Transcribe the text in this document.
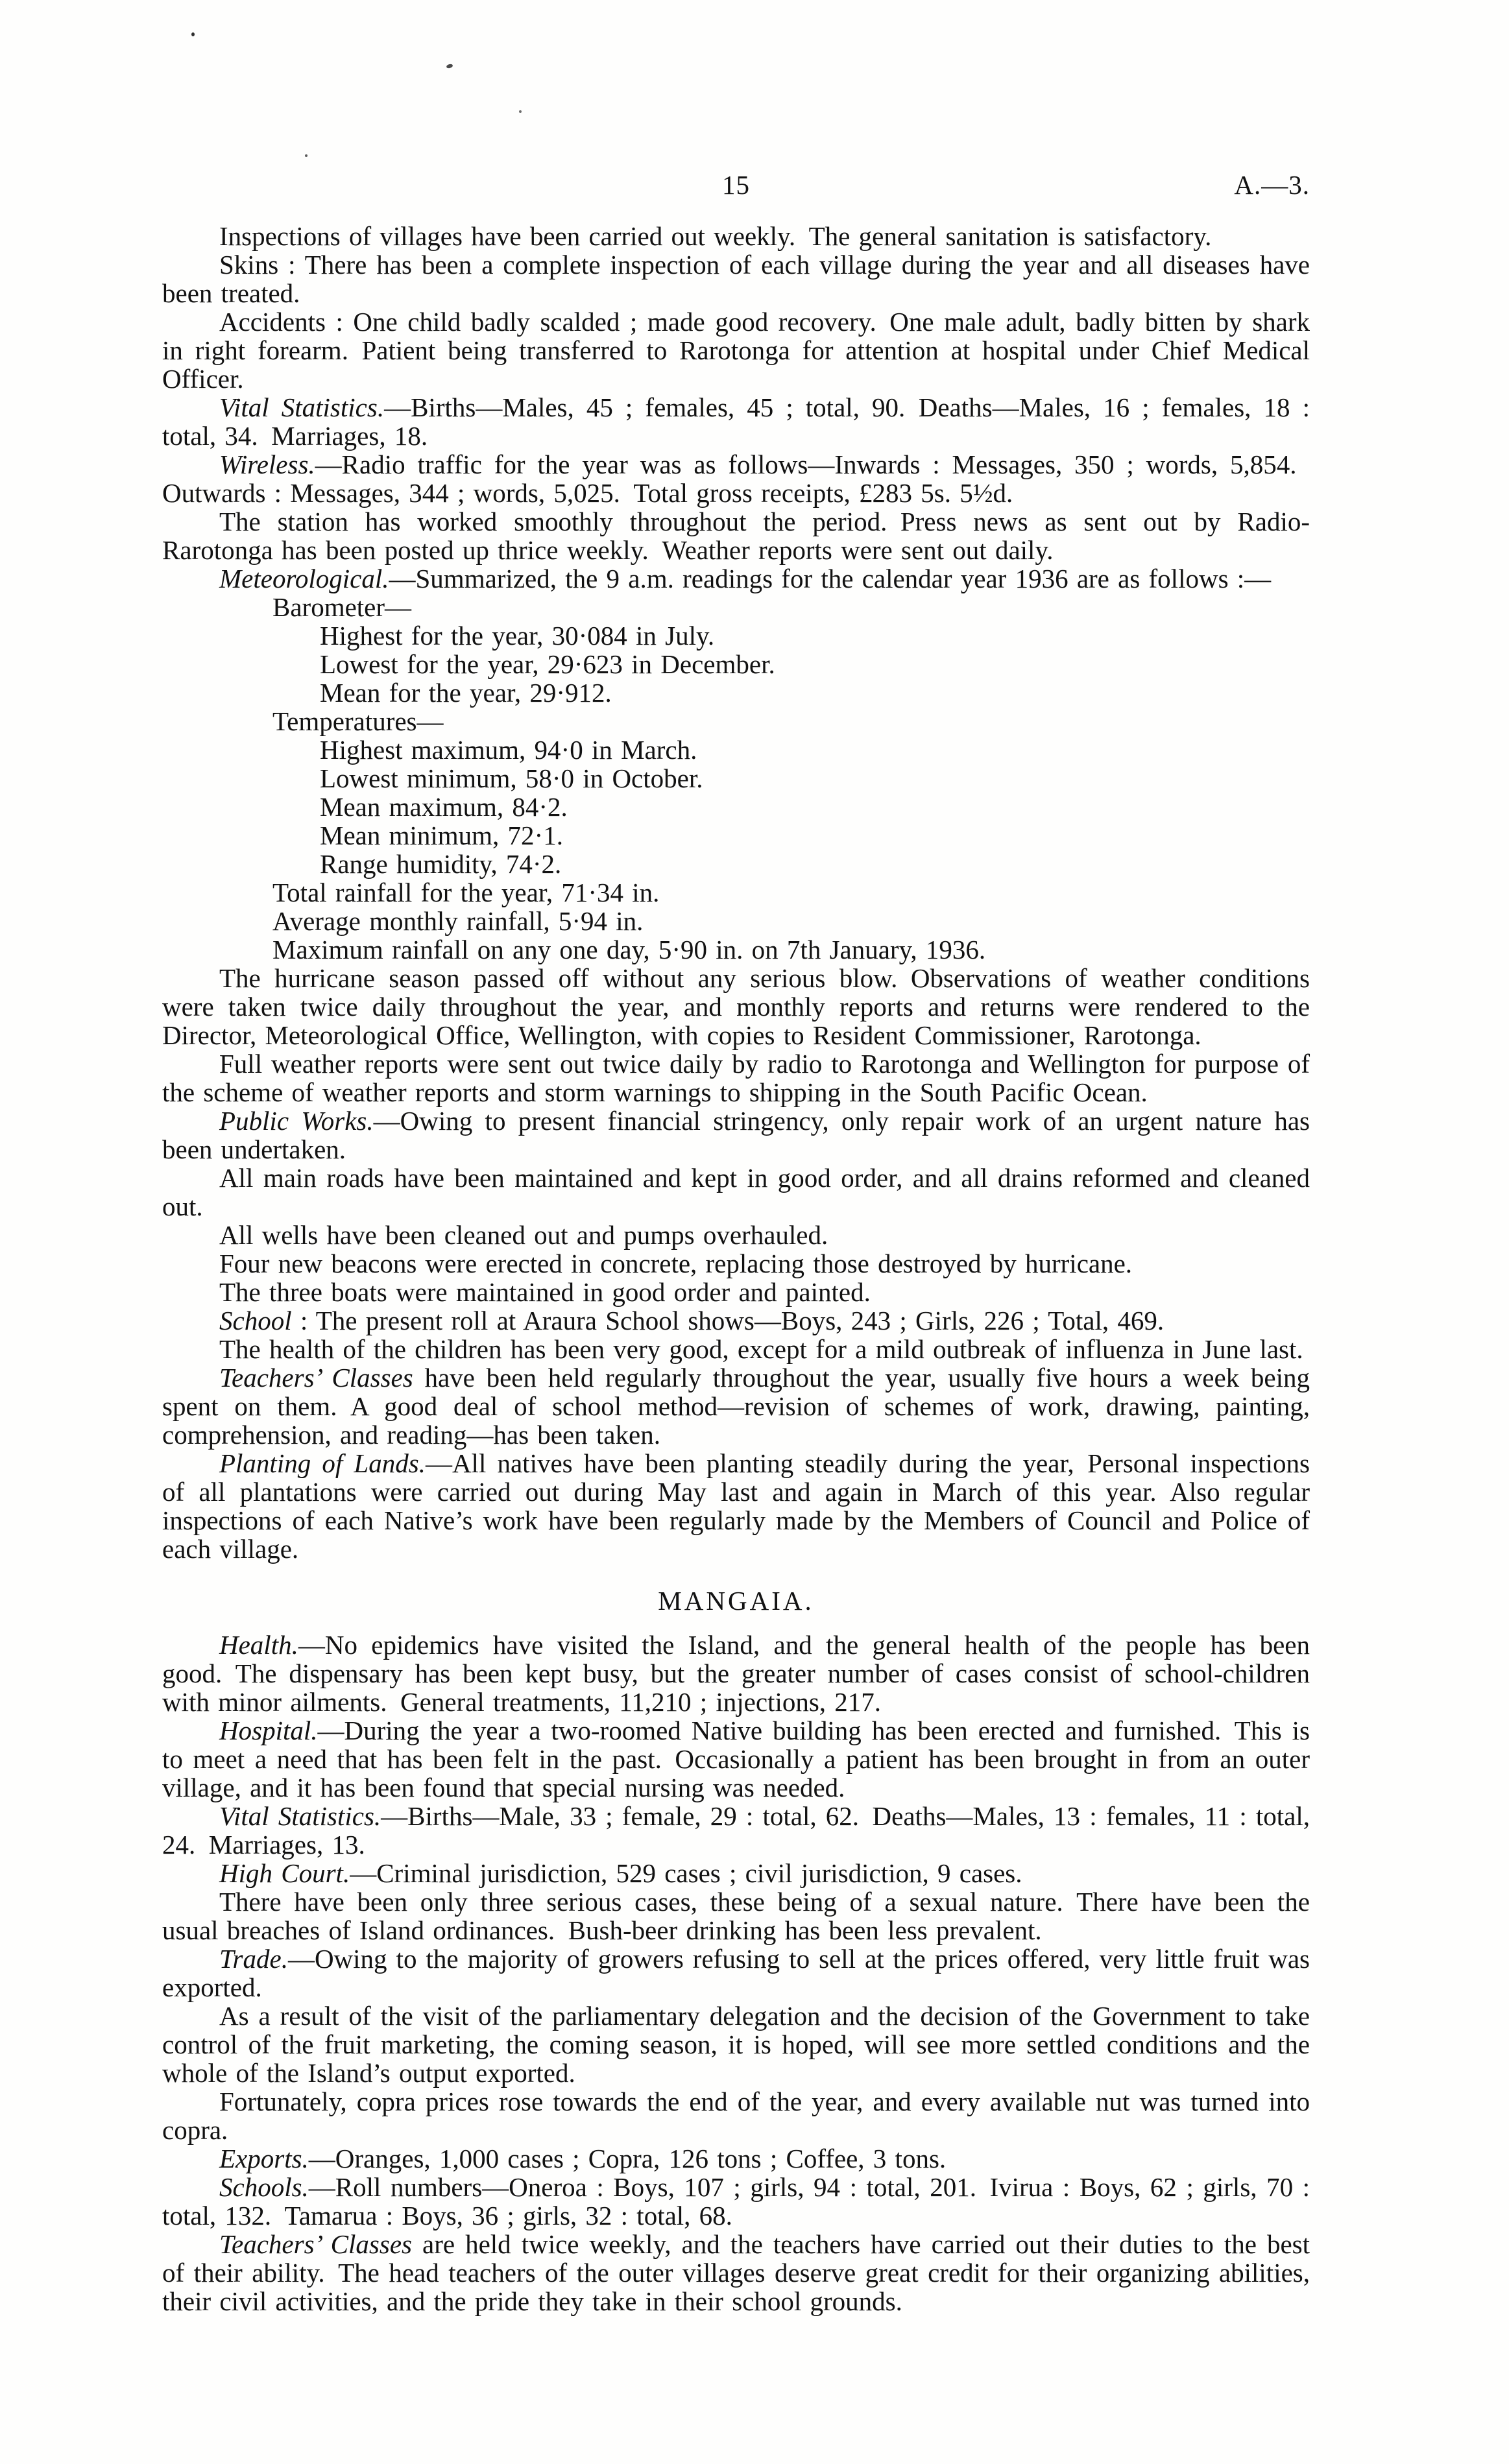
15	A.—3.

Inspections of villages have been carried out weekly. The general sanitation is satisfactory.

Skins : There has been a complete inspection of each village during the year and all diseases have been treated.

Accidents : One child badly scalded ; made good recovery. One male adult, badly bitten by shark in right forearm. Patient being transferred to Rarotonga for attention at hospital under Chief Medical Officer.

Vital Statistics.—Births—Males, 45 ; females, 45 ; total, 90. Deaths—Males, 16 ; females, 18 : total, 34. Marriages, 18.

Wireless.—Radio traffic for the year was as follows—Inwards : Messages, 350 ; words, 5,854. Outwards : Messages, 344 ; words, 5,025. Total gross receipts, £283 5s. 5½d.

The station has worked smoothly throughout the period. Press news as sent out by Radio-Rarotonga has been posted up thrice weekly. Weather reports were sent out daily.

Meteorological.—Summarized, the 9 a.m. readings for the calendar year 1936 are as follows :—

Barometer—
Highest for the year, 30·084 in July.
Lowest for the year, 29·623 in December.
Mean for the year, 29·912.
Temperatures—
Highest maximum, 94·0 in March.
Lowest minimum, 58·0 in October.
Mean maximum, 84·2.
Mean minimum, 72·1.
Range humidity, 74·2.
Total rainfall for the year, 71·34 in.
Average monthly rainfall, 5·94 in.
Maximum rainfall on any one day, 5·90 in. on 7th January, 1936.

The hurricane season passed off without any serious blow. Observations of weather conditions were taken twice daily throughout the year, and monthly reports and returns were rendered to the Director, Meteorological Office, Wellington, with copies to Resident Commissioner, Rarotonga.

Full weather reports were sent out twice daily by radio to Rarotonga and Wellington for purpose of the scheme of weather reports and storm warnings to shipping in the South Pacific Ocean.

Public Works.—Owing to present financial stringency, only repair work of an urgent nature has been undertaken.

All main roads have been maintained and kept in good order, and all drains reformed and cleaned out.

All wells have been cleaned out and pumps overhauled.

Four new beacons were erected in concrete, replacing those destroyed by hurricane.

The three boats were maintained in good order and painted.

School : The present roll at Araura School shows—Boys, 243 ; Girls, 226 ; Total, 469.

The health of the children has been very good, except for a mild outbreak of influenza in June last.

Teachers’ Classes have been held regularly throughout the year, usually five hours a week being spent on them. A good deal of school method—revision of schemes of work, drawing, painting, comprehension, and reading—has been taken.

Planting of Lands.—All natives have been planting steadily during the year, Personal inspections of all plantations were carried out during May last and again in March of this year. Also regular inspections of each Native’s work have been regularly made by the Members of Council and Police of each village.

MANGAIA.

Health.—No epidemics have visited the Island, and the general health of the people has been good. The dispensary has been kept busy, but the greater number of cases consist of school-children with minor ailments. General treatments, 11,210 ; injections, 217.

Hospital.—During the year a two-roomed Native building has been erected and furnished. This is to meet a need that has been felt in the past. Occasionally a patient has been brought in from an outer village, and it has been found that special nursing was needed.

Vital Statistics.—Births—Male, 33 ; female, 29 : total, 62. Deaths—Males, 13 : females, 11 : total, 24. Marriages, 13.

High Court.—Criminal jurisdiction, 529 cases ; civil jurisdiction, 9 cases.

There have been only three serious cases, these being of a sexual nature. There have been the usual breaches of Island ordinances. Bush-beer drinking has been less prevalent.

Trade.—Owing to the majority of growers refusing to sell at the prices offered, very little fruit was exported.

As a result of the visit of the parliamentary delegation and the decision of the Government to take control of the fruit marketing, the coming season, it is hoped, will see more settled conditions and the whole of the Island’s output exported.

Fortunately, copra prices rose towards the end of the year, and every available nut was turned into copra.

Exports.—Oranges, 1,000 cases ; Copra, 126 tons ; Coffee, 3 tons.

Schools.—Roll numbers—Oneroa : Boys, 107 ; girls, 94 : total, 201. Ivirua : Boys, 62 ; girls, 70 : total, 132. Tamarua : Boys, 36 ; girls, 32 : total, 68.

Teachers’ Classes are held twice weekly, and the teachers have carried out their duties to the best of their ability. The head teachers of the outer villages deserve great credit for their organizing abilities, their civil activities, and the pride they take in their school grounds.
